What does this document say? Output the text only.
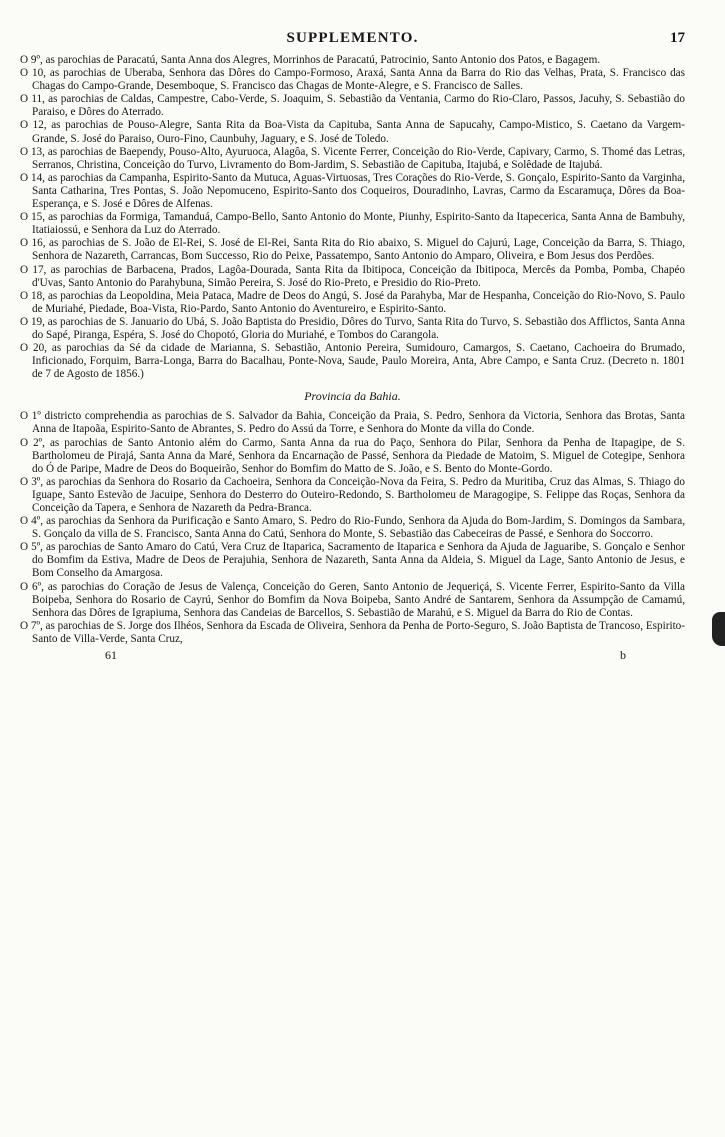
SUPPLEMENTO.	17

O 9º, as parochias de Paracatú, Santa Anna dos Alegres, Morrinhos de Paracatú, Patrocinio, Santo Antonio dos Patos, e Bagagem.

O 10, as parochias de Uberaba, Senhora das Dôres do Campo-Formoso, Araxá, Santa Anna da Barra do Rio das Velhas, Prata, S. Francisco das Chagas do Campo-Grande, Desemboque, S. Francisco das Chagas de Monte-Alegre, e S. Francisco de Salles.

O 11, as parochias de Caldas, Campestre, Cabo-Verde, S. Joaquim, S. Sebastião da Ventania, Carmo do Rio-Claro, Passos, Jacuhy, S. Sebastião do Paraiso, e Dôres do Aterrado.

O 12, as parochias de Pouso-Alegre, Santa Rita da Boa-Vista da Capituba, Santa Anna de Sapucahy, Campo-Mistico, S. Caetano da Vargem-Grande, S. José do Paraiso, Ouro-Fino, Caunbuhy, Jaguary, e S. José de Toledo.

O 13, as parochias de Baependy, Pouso-Alto, Ayuruoca, Alagôa, S. Vicente Ferrer, Conceição do Rio-Verde, Capivary, Carmo, S. Thomé das Letras, Serranos, Christina, Conceição do Turvo, Livramento do Bom-Jardim, S. Sebastião de Capituba, Itajubá, e Solêdade de Itajubá.

O 14, as parochias da Campanha, Espirito-Santo da Mutuca, Aguas-Virtuosas, Tres Corações do Rio-Verde, S. Gonçalo, Espirito-Santo da Varginha, Santa Catharina, Tres Pontas, S. João Nepomuceno, Espirito-Santo dos Coqueiros, Douradinho, Lavras, Carmo da Escaramuça, Dôres da Boa-Esperança, e S. José e Dôres de Alfenas.

O 15, as parochias da Formiga, Tamanduá, Campo-Bello, Santo Antonio do Monte, Piunhy, Espirito-Santo da Itapecerica, Santa Anna de Bambuhy, Itatiaiossú, e Senhora da Luz do Aterrado.

O 16, as parochias de S. João de El-Rei, S. José de El-Rei, Santa Rita do Rio abaixo, S. Miguel do Cajurú, Lage, Conceição da Barra, S. Thiago, Senhora de Nazareth, Carrancas, Bom Successo, Rio do Peixe, Passatempo, Santo Antonio do Amparo, Oliveira, e Bom Jesus dos Perdões.

O 17, as parochias de Barbacena, Prados, Lagôa-Dourada, Santa Rita da Ibitipoca, Conceição da Ibitipoca, Mercês da Pomba, Pomba, Chapéo d'Uvas, Santo Antonio do Parahybuna, Simão Pereira, S. José do Rio-Preto, e Presidio do Rio-Preto.

O 18, as parochias da Leopoldina, Meia Pataca, Madre de Deos do Angú, S. José da Parahyba, Mar de Hespanha, Conceição do Rio-Novo, S. Paulo de Muriahé, Piedade, Boa-Vista, Rio-Pardo, Santo Antonio do Aventureiro, e Espirito-Santo.

O 19, as parochias de S. Januario do Ubá, S. João Baptista do Presidio, Dôres do Turvo, Santa Rita do Turvo, S. Sebastião dos Afflictos, Santa Anna do Sapé, Piranga, Espéra, S. José do Chopotó, Gloria do Muriahé, e Tombos do Carangola.

O 20, as parochias da Sé da cidade de Marianna, S. Sebastião, Antonio Pereira, Sumidouro, Camargos, S. Caetano, Cachoeira do Brumado, Inficionado, Forquim, Barra-Longa, Barra do Bacalhau, Ponte-Nova, Saude, Paulo Moreira, Anta, Abre Campo, e Santa Cruz. (Decreto n. 1801 de 7 de Agosto de 1856.)

Provincia da Bahia.

O 1º districto comprehendia as parochias de S. Salvador da Bahia, Conceição da Praia, S. Pedro, Senhora da Victoria, Senhora das Brotas, Santa Anna de Itapoãa, Espirito-Santo de Abrantes, S. Pedro do Assú da Torre, e Senhora do Monte da villa do Conde.

O 2º, as parochias de Santo Antonio além do Carmo, Santa Anna da rua do Paço, Senhora do Pilar, Senhora da Penha de Itapagipe, de S. Bartholomeu de Pirajá, Santa Anna da Maré, Senhora da Encarnação de Passé, Senhora da Piedade de Matoim, S. Miguel de Cotegipe, Senhora do Ó de Paripe, Madre de Deos do Boqueirão, Senhor do Bomfim do Matto de S. João, e S. Bento do Monte-Gordo.

O 3º, as parochias da Senhora do Rosario da Cachoeira, Senhora da Conceição-Nova da Feira, S. Pedro da Muritiba, Cruz das Almas, S. Thiago do Iguape, Santo Estevão de Jacuipe, Senhora do Desterro do Outeiro-Redondo, S. Bartholomeu de Maragogipe, S. Felippe das Roças, Senhora da Conceição da Tapera, e Senhora de Nazareth da Pedra-Branca.

O 4º, as parochias da Senhora da Purificação e Santo Amaro, S. Pedro do Rio-Fundo, Senhora da Ajuda do Bom-Jardim, S. Domingos da Sambara, S. Gonçalo da villa de S. Francisco, Santa Anna do Catú, Senhora do Monte, S. Sebastião das Cabeceiras de Passé, e Senhora do Soccorro.

O 5º, as parochias de Santo Amaro do Catú, Vera Cruz de Itaparica, Sacramento de Itaparica e Senhora da Ajuda de Jaguaribe, S. Gonçalo e Senhor do Bomfim da Estiva, Madre de Deos de Perajuhia, Senhora de Nazareth, Santa Anna da Aldeia, S. Miguel da Lage, Santo Antonio de Jesus, e Bom Conselho da Amargosa.

O 6º, as parochias do Coração de Jesus de Valença, Conceição do Geren, Santo Antonio de Jequeriçá, S. Vicente Ferrer, Espirito-Santo da Villa Boipeba, Senhora do Rosario de Cayrú, Senhor do Bomfim da Nova Boipeba, Santo André de Santarem, Senhora da Assumpção de Camamú, Senhora das Dôres de Igrapiuma, Senhora das Candeias de Barcellos, S. Sebastião de Marahú, e S. Miguel da Barra do Rio de Contas.

O 7º, as parochias de S. Jorge dos Ilhéos, Senhora da Escada de Oliveira, Senhora da Penha de Porto-Seguro, S. João Baptista de Trancoso, Espirito-Santo de Villa-Verde, Santa Cruz,

61	b
